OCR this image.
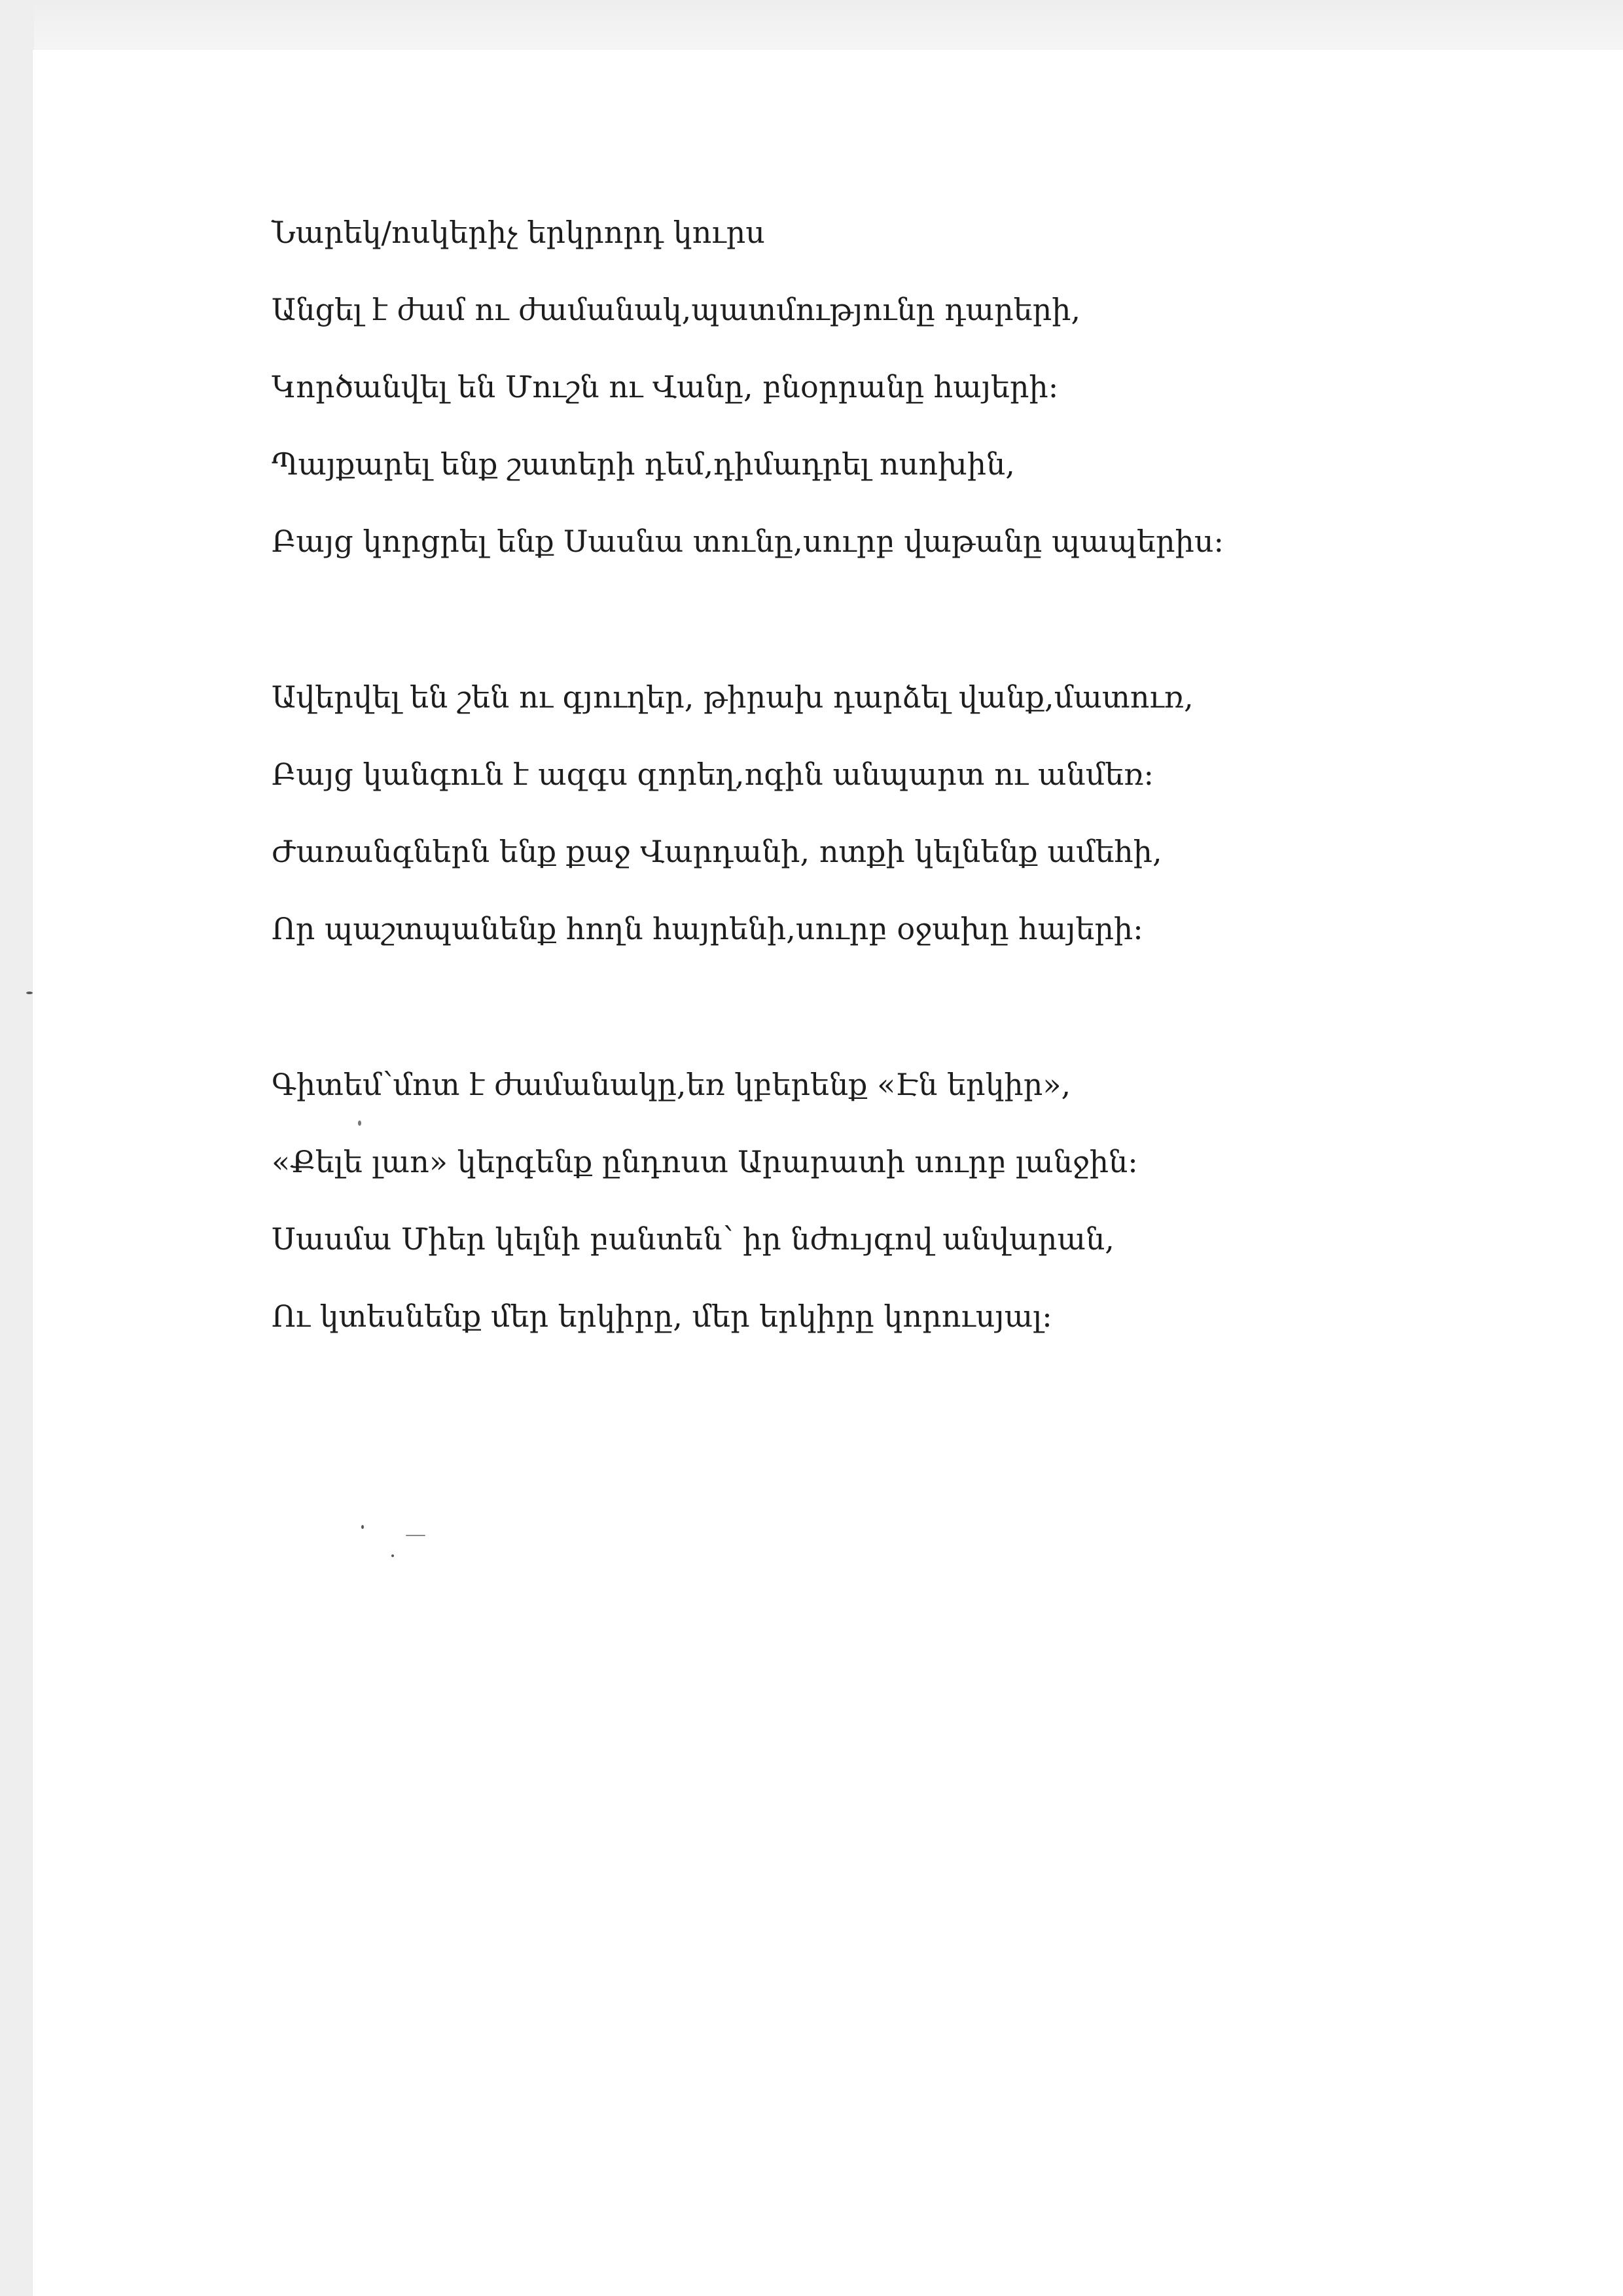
Նարեկ/ոսկերիչ երկրորդ կուրս
Անցել է ժամ ու ժամանակ,պատմությունը դարերի,
Կործանվել են Մուշն ու Վանը, բնօրրանը հայերի:
Պայքարել ենք շատերի դեմ,դիմադրել ոսոխին,
Բայց կորցրել ենք Սասնա տունը,սուրբ վաթանը պապերիս:
Ավերվել են շեն ու գյուղեր, թիրախ դարձել վանք,մատուռ,
Բայց կանգուն է ազգս զորեղ,ոգին անպարտ ու անմեռ:
Ժառանգներն ենք քաջ Վարդանի, ոտքի կելնենք ամեհի,
Որ պաշտպանենք հողն հայրենի,սուրբ օջախը հայերի:
Գիտեմ՝մոտ է ժամանակը,եռ կբերենք «Էն երկիր»,
«Քելե լաո» կերգենք ընդոստ Արարատի սուրբ լանջին:
Սասմա Միեր կելնի բանտեն՝ իր նժույգով անվարան,
Ու կտեսնենք մեր երկիրը, մեր երկիրը կորուսյալ:
